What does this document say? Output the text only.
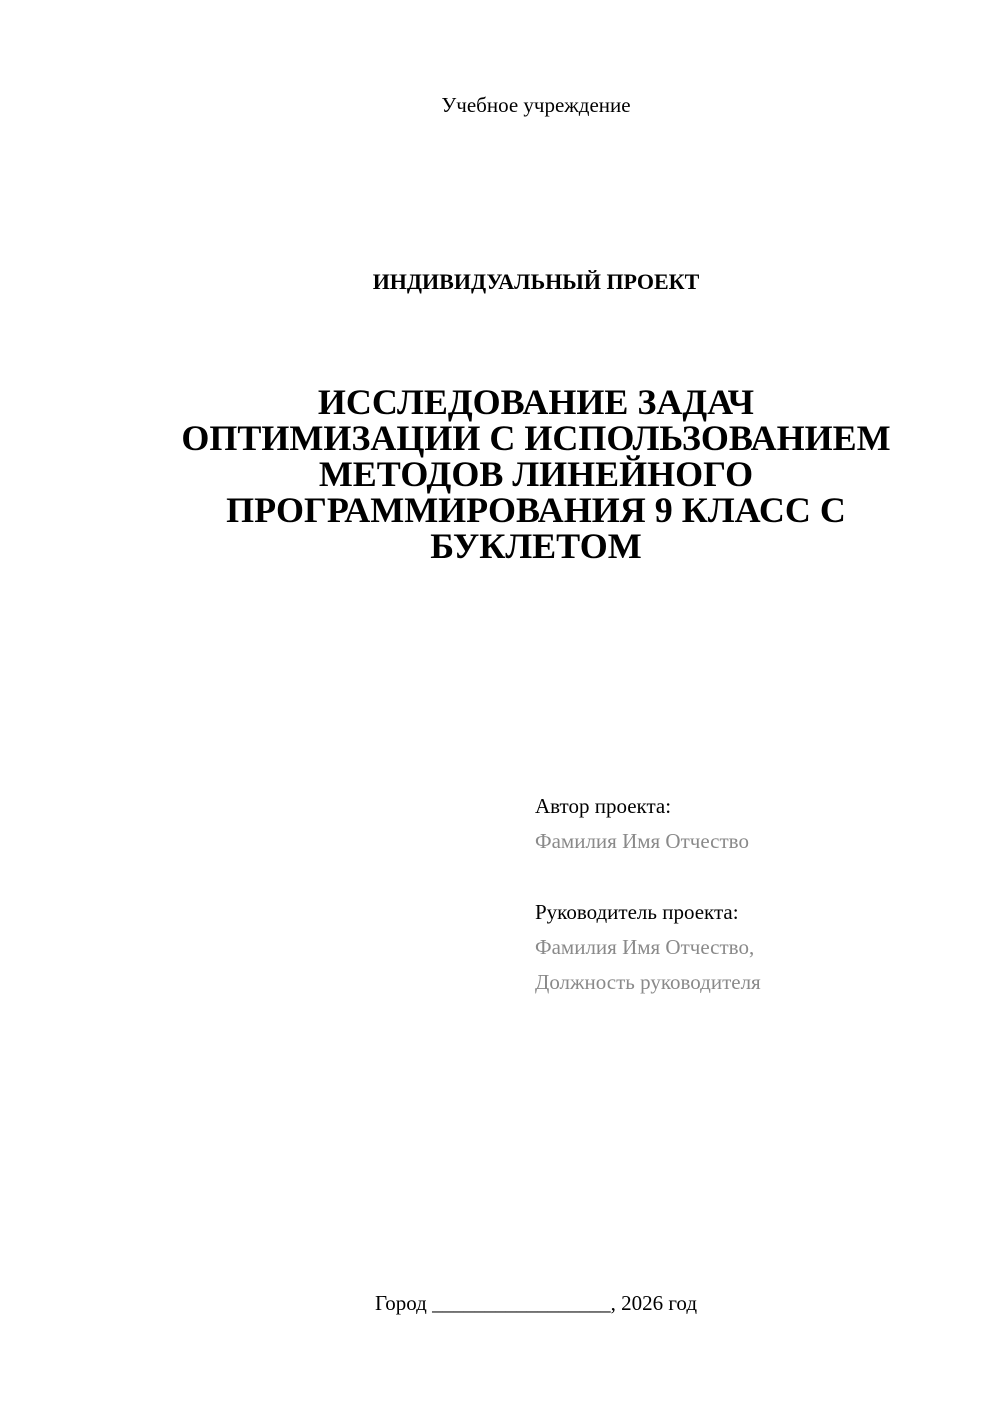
Учебное учреждение
ИНДИВИДУАЛЬНЫЙ ПРОЕКТ
ИССЛЕДОВАНИЕ ЗАДАЧ
ОПТИМИЗАЦИИ С ИСПОЛЬЗОВАНИЕМ
МЕТОДОВ ЛИНЕЙНОГО
ПРОГРАММИРОВАНИЯ 9 КЛАСС С
БУКЛЕТОМ
Автор проекта:
Фамилия Имя Отчество
Руководитель проекта:
Фамилия Имя Отчество,
Должность руководителя
Город _________________, 2026 год
